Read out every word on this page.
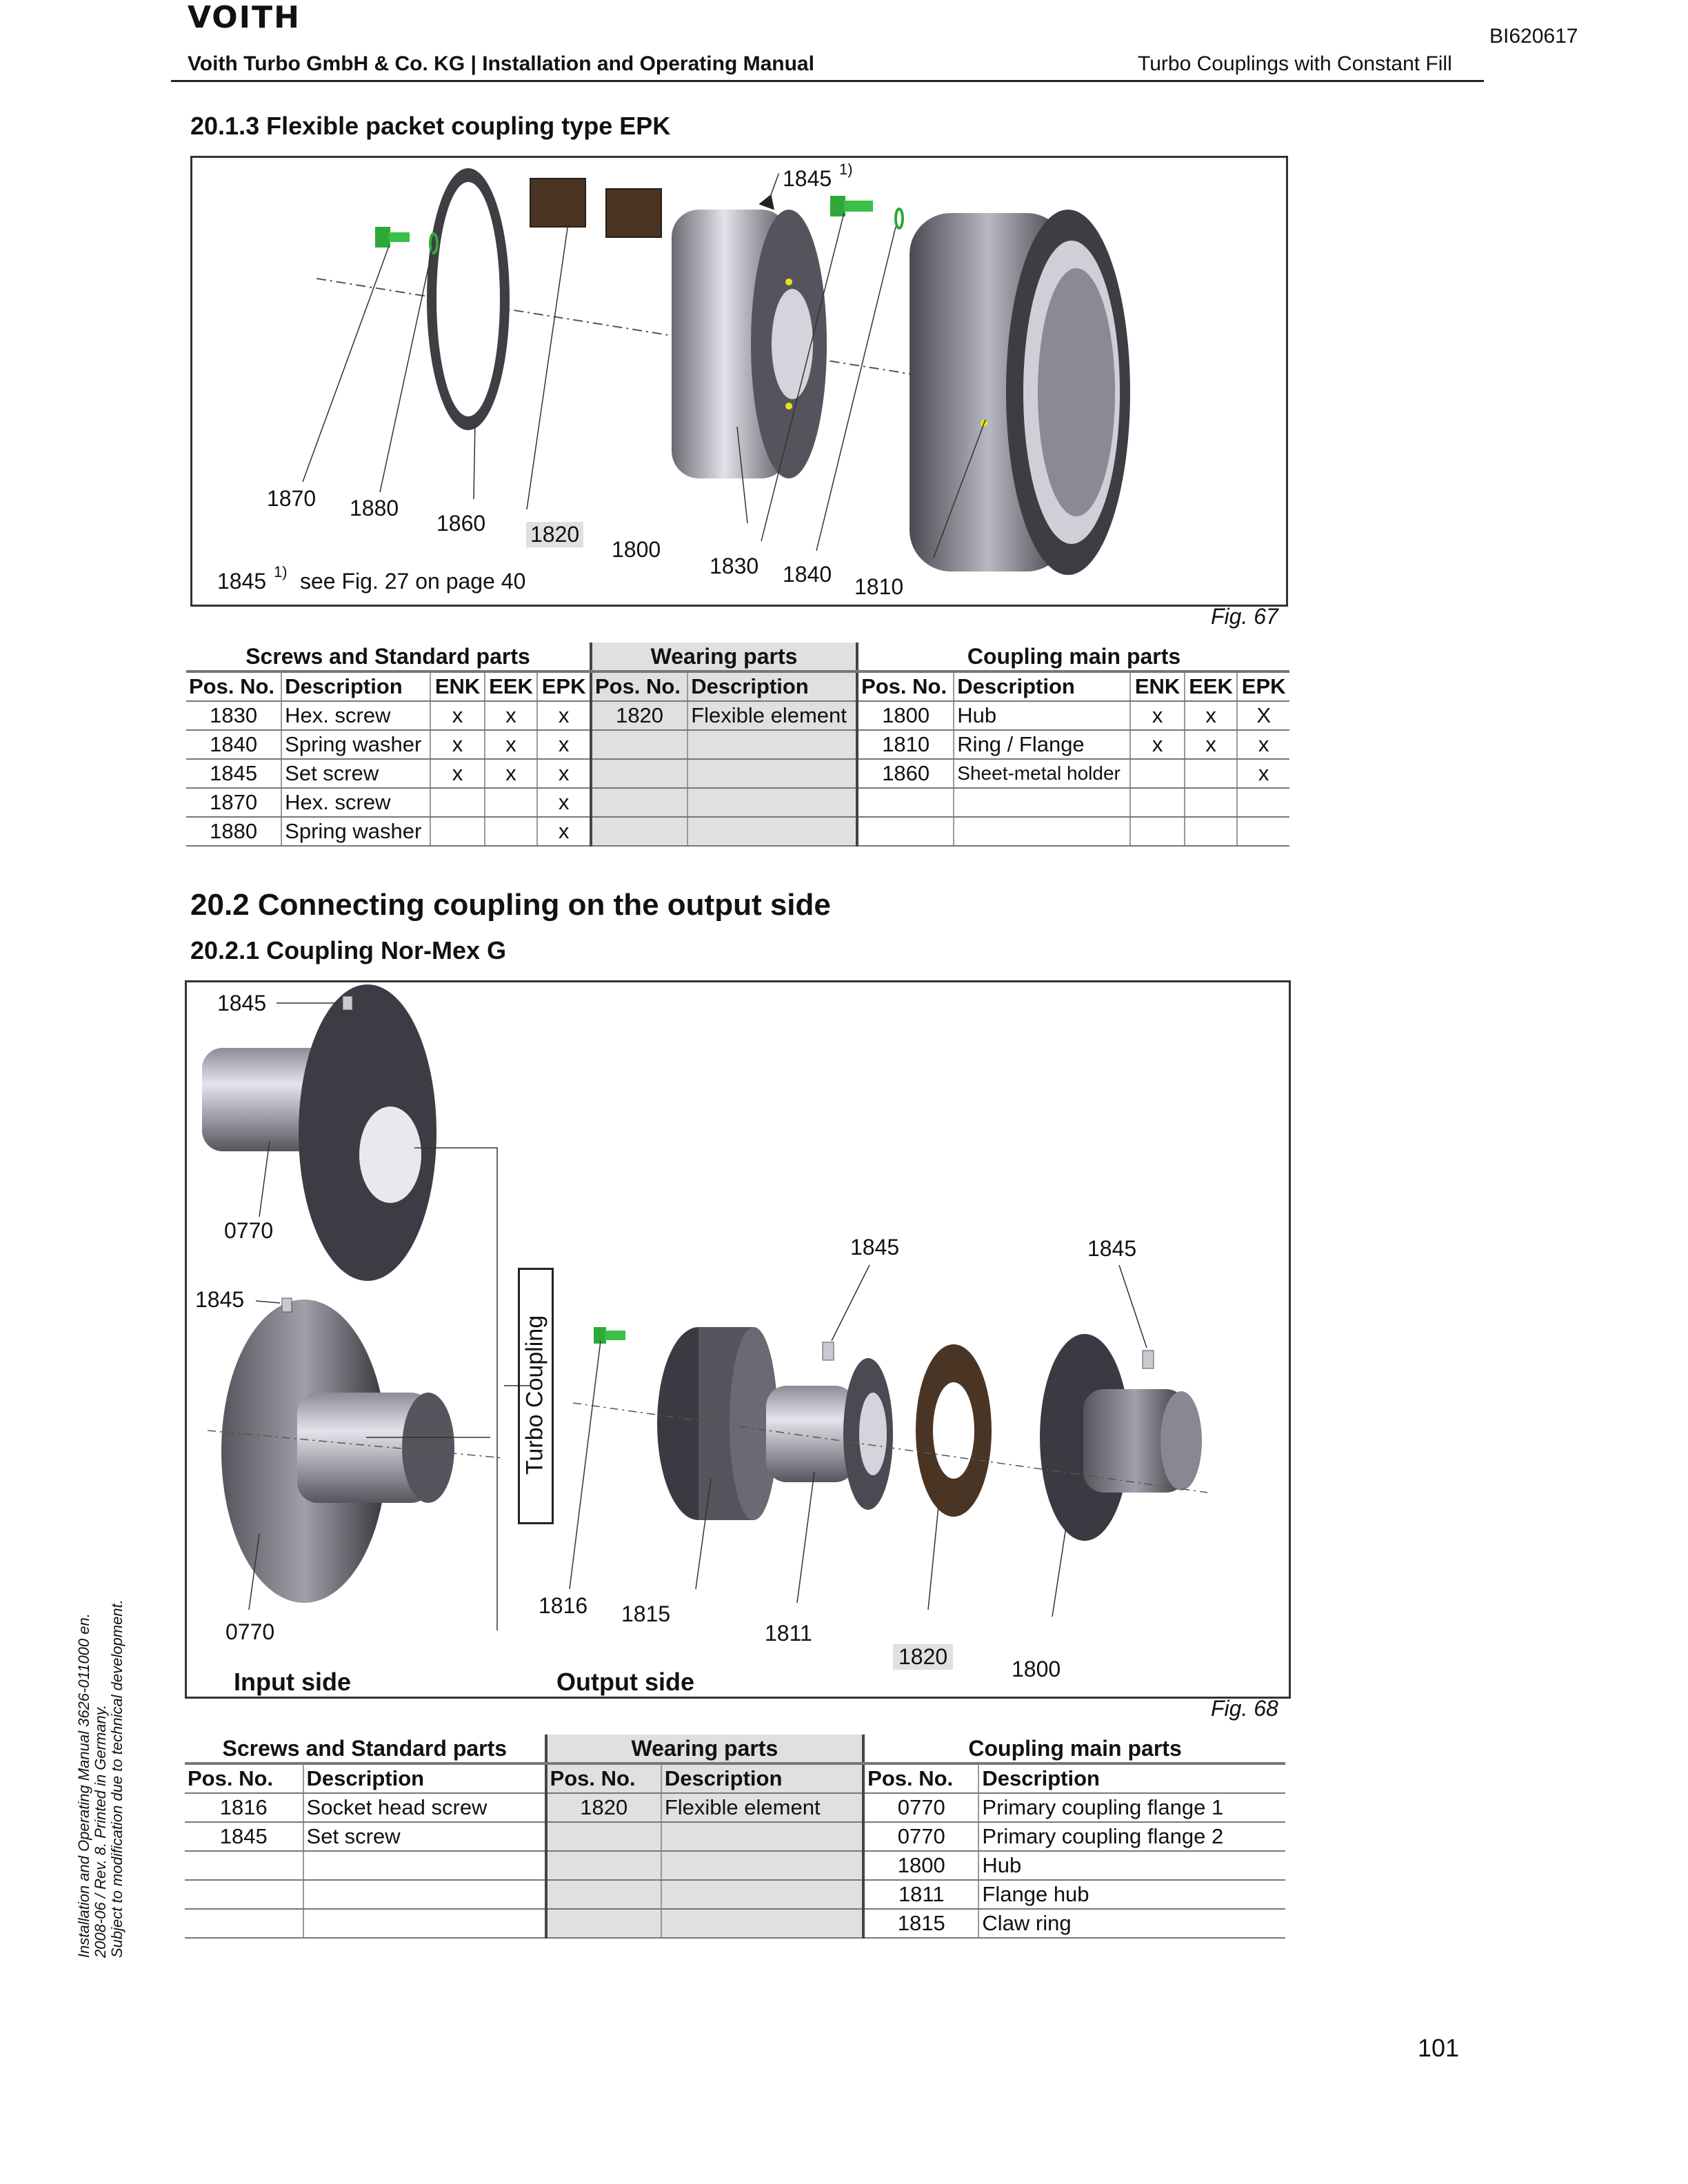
VOITH
BI620617
Voith Turbo GmbH & Co. KG | Installation and Operating Manual	Turbo Couplings with Constant Fill
20.1.3 Flexible packet coupling type EPK
1845 1)
1870 1880
1860 1820
1800
1830 1840 1810
1845 1) see Fig. 27 on page 40
Fig. 67
Screws and Standard parts					Wearing parts		Coupling main parts				
Pos. No.	Description	ENK	EEK	EPK	Pos. No.	Description	Pos. No.	Description	ENK	EEK	EPK
1830	Hex. screw	x	x	x	1820	Flexible element	1800	Hub	x	x	X
1840	Spring washer	x	x	x			1810	Ring / Flange	x	x	x
1845	Set screw	x	x	x			1860	Sheet-metal holder			x
1870	Hex. screw			x							
1880	Spring washer			x							
20.2 Connecting coupling on the output side
20.2.1 Coupling Nor-Mex G
1845
0770
1845
0770
1845	1845
1816 1815
1811
1820	1800
Turbo Coupling
Input side	Output side
Fig. 68
Screws and Standard parts		Wearing parts		Coupling main parts	
Pos. No.	Description	Pos. No.	Description	Pos. No.	Description
1816	Socket head screw	1820	Flexible element	0770	Primary coupling flange 1
1845	Set screw			0770	Primary coupling flange 2
				1800	Hub
				1811	Flange hub
				1815	Claw ring
Installation and Operating Manual 3626-011000 en. 2008-06 / Rev. 8. Printed in Germany. Subject to modification due to technical development.
101
